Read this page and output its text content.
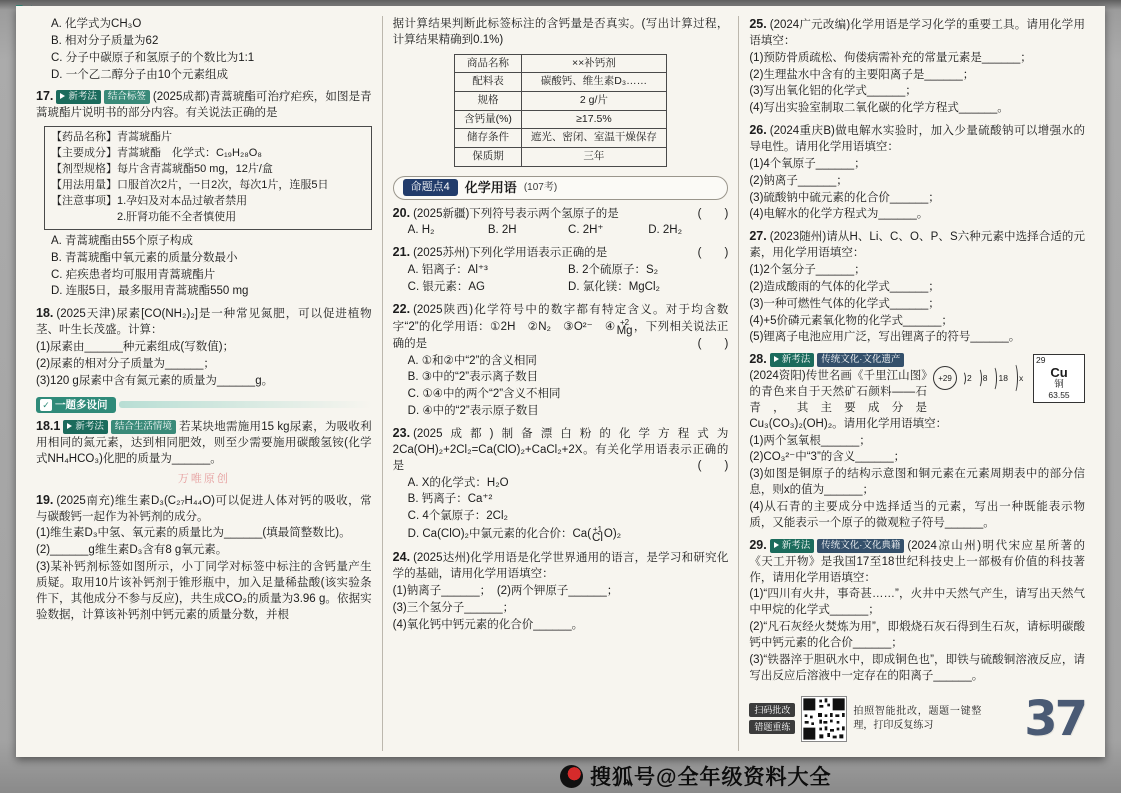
A. 化学式为CH₃O
B. 相对分子质量为62
C. 分子中碳原子和氢原子的个数比为1:1
D. 一个乙二醇分子由10个元素组成
17. 新考法 结合标签 (2025成都)青蒿琥酯可治疗疟疾，如图是青蒿琥酯片说明书的部分内容。有关说法正确的是
【药品名称】青蒿琥酯片
【主要成分】青蒿琥酯　化学式：C₁₉H₂₈O₈
【剂型规格】每片含青蒿琥酯50 mg，12片/盒
【用法用量】口服首次2片，一日2次，每次1片，连服5日
【注意事项】1.孕妇及对本品过敏者禁用
2.肝肾功能不全者慎使用
A. 青蒿琥酯由55个原子构成
B. 青蒿琥酯中氧元素的质量分数最小
C. 疟疾患者均可服用青蒿琥酯片
D. 连服5日，最多服用青蒿琥酯550 mg
18. (2025天津)尿素[CO(NH₂)₂]是一种常见氮肥，可以促进植物茎、叶生长茂盛。计算：
(1)尿素由______种元素组成(写数值)；
(2)尿素的相对分子质量为______；
(3)120 g尿素中含有氮元素的质量为______g。
✓ 一题多设问
18.1 新考法 结合生活情境 若某块地需施用15 kg尿素，为吸收利用相同的氮元素，达到相同肥效，则至少需要施用碳酸氢铵(化学式NH₄HCO₃)化肥的质量为______。
万唯原创
19. (2025南充)维生素D₃(C₂₇H₄₄O)可以促进人体对钙的吸收，常与碳酸钙一起作为补钙剂的成分。
(1)维生素D₃中氢、氧元素的质量比为______(填最简整数比)。
(2)______g维生素D₃含有8 g氧元素。
(3)某补钙剂标签如图所示，小丁同学对标签中标注的含钙量产生质疑。取用10片该补钙剂于锥形瓶中，加入足量稀盐酸(该实验条件下，其他成分不参与反应)，共生成CO₂的质量为3.96 g。依据实验数据，计算该补钙剂中钙元素的质量分数，并根
据计算结果判断此标签标注的含钙量是否真实。(写出计算过程，计算结果精确到0.1%)
商品名称	××补钙剂
配料表	碳酸钙、维生素D₃……
规格	2 g/片
含钙量(%)	≥17.5%
储存条件	遮光、密闭、室温干燥保存
保质期	三年
命题点4	化学用语 (107考)
20. (2025新疆)下列符号表示两个氢原子的是	(　　)
A. H₂	B. 2H	C. 2H⁺	D. 2H₂
21. (2025苏州)下列化学用语表示正确的是	(　　)
A. 铝离子：Al⁺³	B. 2个硫原子：S₂
C. 银元素：AG	D. 氯化镁：MgCl₂
22. (2025陕西)化学符号中的数字都有特定含义。对于均含数字“2”的化学用语：①2H　②N₂　③O²⁻　④ +2
Mg ，下列相关说法正确的是	(　　)
A. ①和②中“2”的含义相同
B. ③中的“2”表示离子数目
C. ①④中的两个“2”含义不相同
D. ④中的“2”表示原子数目
23. (2025成都)制备漂白粉的化学方程式为2Ca(OH)₂+2Cl₂=Ca(ClO)₂+CaCl₂+2X。有关化学用语表示正确的是	(　　)
A. X的化学式：H₂O
B. 钙离子：Ca⁺²
C. 4个氯原子：2Cl₂
D. Ca(ClO)₂中氯元素的化合价：Ca( +1
Cl O)₂
24. (2025达州)化学用语是化学世界通用的语言，是学习和研究化学的基础，请用化学用语填空：
(1)钠离子______；　(2)两个钾原子______；
(3)三个氢分子______；
(4)氧化钙中钙元素的化合价______。
25. (2024广元改编)化学用语是学习化学的重要工具。请用化学用语填空：
(1)预防骨质疏松、佝偻病需补充的常量元素是______；
(2)生理盐水中含有的主要阳离子是______；
(3)写出氧化铝的化学式______；
(4)写出实验室制取二氧化碳的化学方程式______。
26. (2024重庆B)做电解水实验时，加入少量硫酸钠可以增强水的导电性。请用化学用语填空：
(1)4个氧原子______；
(2)钠离子______；
(3)硫酸钠中硫元素的化合价______；
(4)电解水的化学方程式为______。
27. (2023随州)请从H、Li、C、O、P、S六种元素中选择合适的元素，用化学用语填空：
(1)2个氢分子______；
(2)造成酸雨的气体的化学式______；
(3)一种可燃性气体的化学式______；
(4)+5价磷元素氧化物的化学式______；
(5)锂离子电池应用广泛，写出锂离子的符号______。
+29	2 8 18 x
29
Cu
铜
63.55
28. 新考法 传统文化·文化遗产(2024资阳)传世名画《千里江山图》的青色来自于天然矿石颜料——石青，其主要成分是Cu₃(CO₃)₂(OH)₂。请用化学用语填空：
(1)两个氢氧根______；
(2)CO₃²⁻中“3”的含义______；
(3)如图是铜原子的结构示意图和铜元素在元素周期表中的部分信息，则x的值为______；
(4)从石青的主要成分中选择适当的元素，写出一种既能表示物质，又能表示一个原子的微观粒子符号______。
29. 新考法 传统文化·文化典籍 (2024凉山州)明代宋应星所著的《天工开物》是我国17至18世纪科技史上一部极有价值的科技著作，请用化学用语填空：
(1)“四川有火井，事奇甚……”，火井中天然气产生，请写出天然气中甲烷的化学式______；
(2)“凡石灰经火焚炼为用”，即煅烧石灰石得到生石灰，请标明碳酸钙中钙元素的化合价______；
(3)“铁器淬于胆矾水中，即成铜色也”，即铁与硫酸铜溶液反应，请写出反应后溶液中一定存在的阳离子______。
扫码批改
错题重练
拍照智能批改，题题一键整理，打印反复练习	37
搜狐号@全年级资料大全
